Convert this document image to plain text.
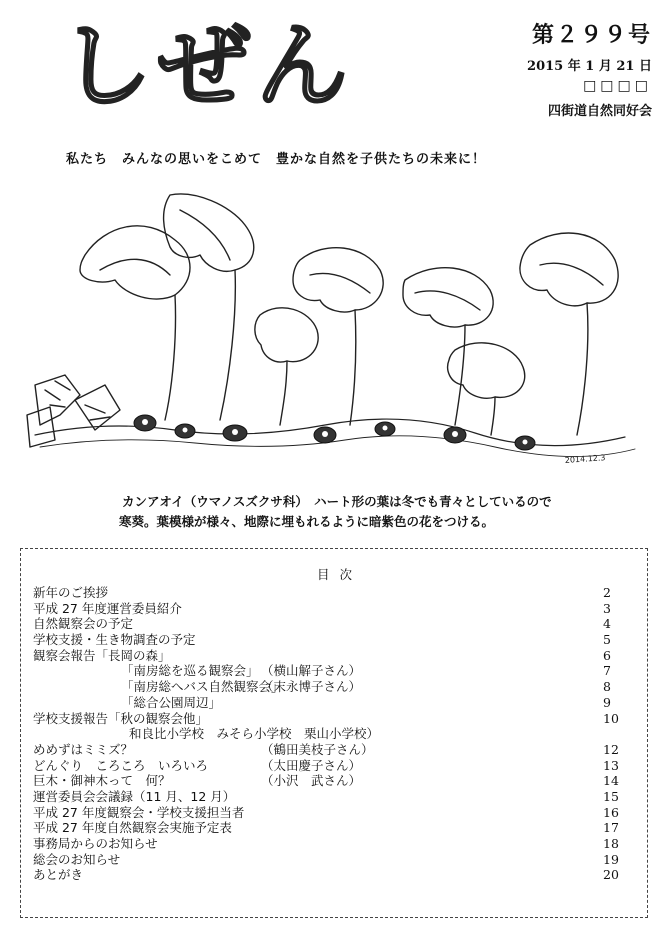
しぜん	第２９９号
2015 年 1 月 21 日
□□□□
四街道自然同好会
私たち　みんなの思いをこめて　豊かな自然を子供たちの未来に！
2014.12.3
カンアオイ（ウマノスズクサ科）　ハート形の葉は冬でも青々としているので
寒葵。葉模様が様々、地際に埋もれるように暗紫色の花をつける。
目次
新年のご挨拶	2
平成 27 年度運営委員紹介	3
自然観察会の予定	4
学校支援・生き物調査の予定	5
観察会報告「長岡の森」	6
「南房総を巡る観察会」 （横山解子さん）	7
「南房総へバス自然観察会」
（末永博子さん）	8
「総合公園周辺」	9
学校支援報告「秋の観察会他」	10
和良比小学校　みそら小学校　栗山小学校）
めめずはミミズ？	（鶴田美枝子さん）	12
どんぐり　ころころ　いろいろ	（太田慶子さん）	13
巨木・御神木って　何？	（小沢　武さん）	14
運営委員会会議録（11 月、12 月）	15
平成 27 年度観察会・学校支援担当者	16
平成 27 年度自然観察会実施予定表	17
事務局からのお知らせ	18
総会のお知らせ	19
あとがき	20
